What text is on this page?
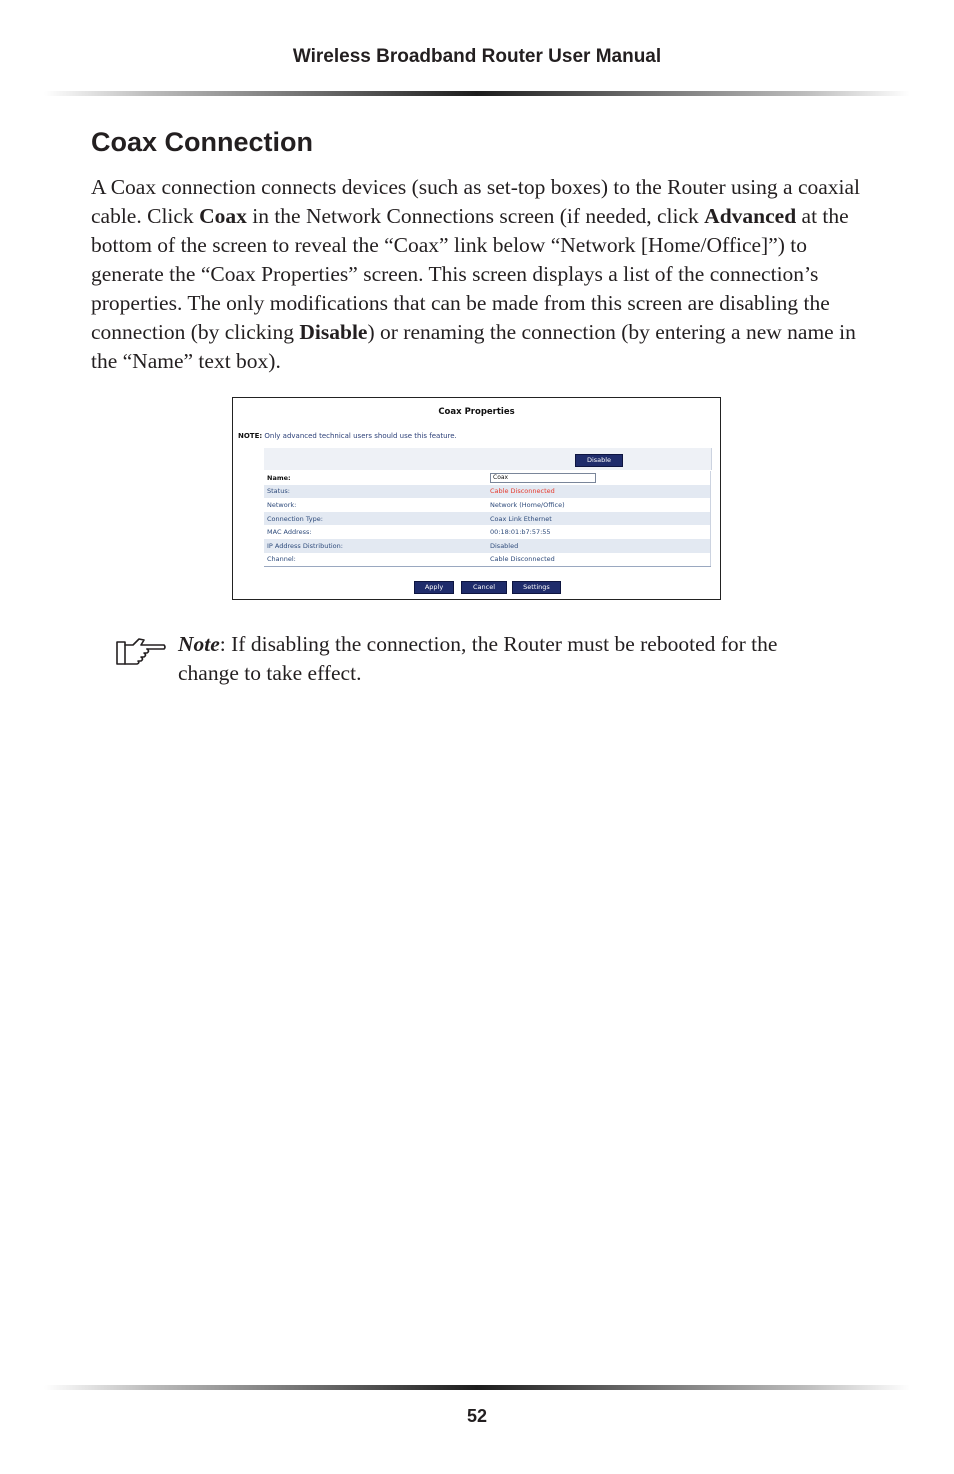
Wireless Broadband Router User Manual
Coax Connection

A Coax connection connects devices (such as set-top boxes) to the Router using a coaxial cable. Click Coax in the Network Connections screen (if needed, click Advanced at the bottom of the screen to reveal the “Coax” link below “Network [Home/Office]”) to generate the “Coax Properties” screen. This screen displays a list of the connection’s properties. The only modifications that can be made from this screen are disabling the connection (by clicking Disable) or renaming the connection (by entering a new name in the “Name” text box).

Coax Properties
NOTE: Only advanced technical users should use this feature.
Disable
Name:	Coax
Status:	Cable Disconnected
Network:	Network (Home/Office)
Connection Type:	Coax Link Ethernet
MAC Address:	00:18:01:b7:57:55
IP Address Distribution:	Disabled
Channel:	Cable Disconnected
Apply	Cancel	Settings

Note: If disabling the connection, the Router must be rebooted for the change to take effect.

52
